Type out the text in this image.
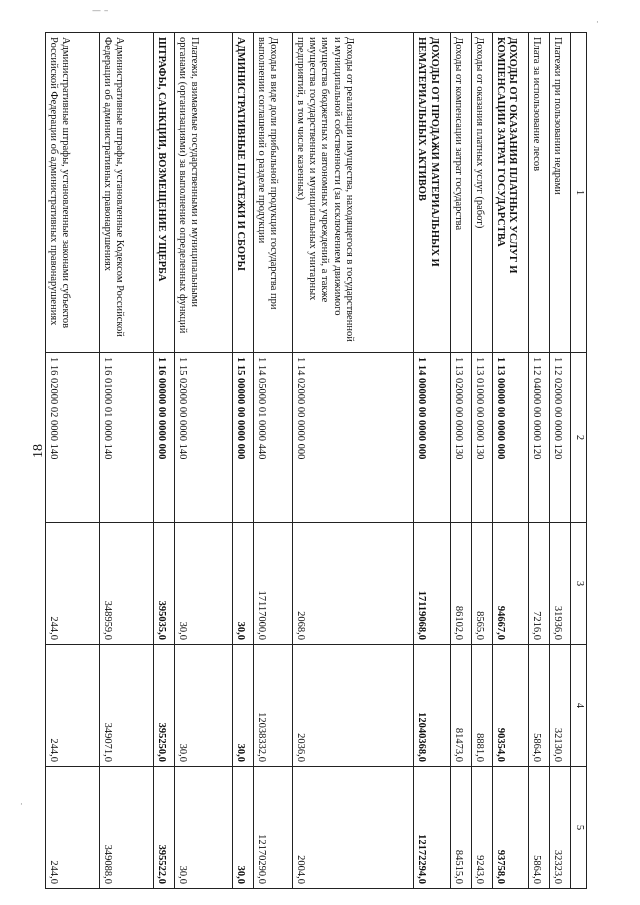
18
— –
·
·
1	2	3	4	5
Платежи при пользовании недрами	1 12 02000 00 0000 120	31936,0	32130,0	32323,0
Плата за использование лесов	1 12 04000 00 0000 120	7216,0	5864,0	5864,0
ДОХОДЫ ОТ ОКАЗАНИЯ ПЛАТНЫХ УСЛУГ И КОМПЕНСАЦИИ ЗАТРАТ ГОСУДАРСТВА	1 13 00000 00 0000 000	94667,0	90354,0	93758,0
Доходы от оказания платных услуг (работ)	1 13 01000 00 0000 130	8565,0	8881,0	9243,0
Доходы от компенсации затрат государства	1 13 02000 00 0000 130	86102,0	81473,0	84515,0
ДОХОДЫ ОТ ПРОДАЖИ МАТЕРИАЛЬНЫХ И НЕМАТЕРИАЛЬНЫХ АКТИВОВ	1 14 00000 00 0000 000	17119068,0	12040368,0	12172294,0
Доходы от реализации имущества, находящегося в государственной и муниципальной собственности (за исключением движимого имущества бюджетных и автономных учреждений, а также имущества государственных и муниципальных унитарных предприятий, в том числе казенных)	1 14 02000 00 0000 000	2068,0	2036,0	2004,0
Доходы в виде доли прибыльной продукции государства при выполнении соглашений о разделе продукции	1 14 05000 01 0000 440	17117000,0	12038332,0	12170290,0
АДМИНИСТРАТИВНЫЕ ПЛАТЕЖИ И СБОРЫ	1 15 00000 00 0000 000	30,0	30,0	30,0
Платежи, взимаемые государственными и муниципальными органами (организациями) за выполнение определенных функций	1 15 02000 00 0000 140	30,0	30,0	30,0
ШТРАФЫ, САНКЦИИ, ВОЗМЕЩЕНИЕ УЩЕРБА	1 16 00000 00 0000 000	395035,0	395250,0	395522,0
Административные штрафы, установленные Кодексом Российской Федерации об административных правонарушениях	1 16 01000 01 0000 140	348959,0	349071,0	349088,0
Административные штрафы, установленные законами субъектов Российской Федерации об административных правонарушениях	1 16 02000 02 0000 140	244,0	244,0	244,0
